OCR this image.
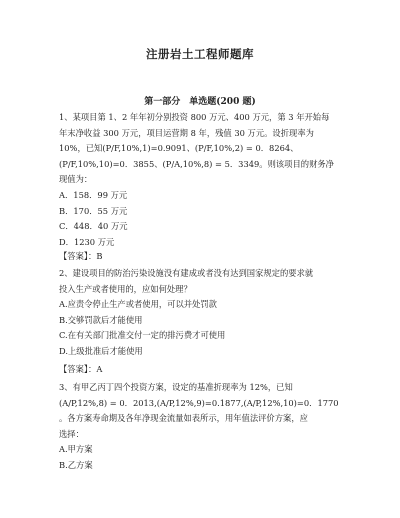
注册岩土工程师题库
第一部分　单选题(200 题)
1、某项目第 1、2 年年初分别投资 800 万元、400 万元，第 3 年开始每
年末净收益 300 万元，项目运营期 8 年，残值 30 万元。设折现率为
10%，已知(P/F,10%,1)=0.9091、(P/F,10%,2) = 0．8264、
(P/F,10%,10)=0．3855、(P/A,10%,8) = 5．3349。则该项目的财务净
现值为：
A．158．99 万元
B．170．55 万元
C．448．40 万元
D．1230 万元
【答案】：B
2、建设项目的防治污染设施没有建成或者没有达到国家规定的要求就
投入生产或者使用的，应如何处理？
A.应责令停止生产或者使用，可以并处罚款
B.交够罚款后才能使用
C.在有关部门批准交付一定的排污费才可使用
D.上级批准后才能使用
【答案】：A
3、有甲乙丙丁四个投资方案，设定的基准折现率为 12%，已知
(A/P,12%,8) = 0．2013,(A/P,12%,9)=0.1877,(A/P,12%,10)=0．1770
。各方案寿命期及各年净现金流量如表所示，用年值法评价方案，应
选择：
A.甲方案
B.乙方案
